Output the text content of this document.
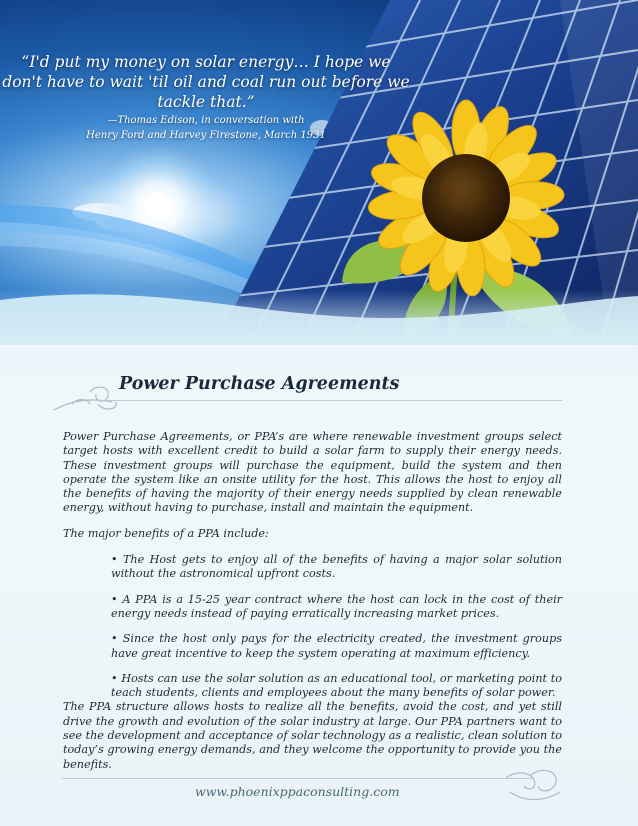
“I'd put my money on solar energy… I hope we don't have to wait 'til oil and coal run out before we tackle that.”

—Thomas Edison, in conversation with

Henry Ford and Harvey Firestone, March 1931

Power Purchase Agreements

Power Purchase Agreements, or PPA’s are where renewable investment groups select target hosts with excellent credit to build a solar farm to supply their energy needs. These investment groups will purchase the equipment, build the system and then operate the system like an onsite utility for the host. This allows the host to enjoy all the benefits of having the majority of their energy needs supplied by clean renewable energy, without having to purchase, install and maintain the equipment.

The major benefits of a PPA include:

• The Host gets to enjoy all of the benefits of having a major solar solution without the astronomical upfront costs.
• A PPA is a 15-25 year contract where the host can lock in the cost of their energy needs instead of paying erratically increasing market prices.
• Since the host only pays for the electricity created, the investment groups have great incentive to keep the system operating at maximum efficiency.
• Hosts can use the solar solution as an educational tool, or marketing point to teach students, clients and employees about the many benefits of solar power.

The PPA structure allows hosts to realize all the benefits, avoid the cost, and yet still drive the growth and evolution of the solar industry at large. Our PPA partners want to see the development and acceptance of solar technology as a realistic, clean solution to today’s growing energy demands, and they welcome the opportunity to provide you the benefits.

www.phoenixppaconsulting.com
